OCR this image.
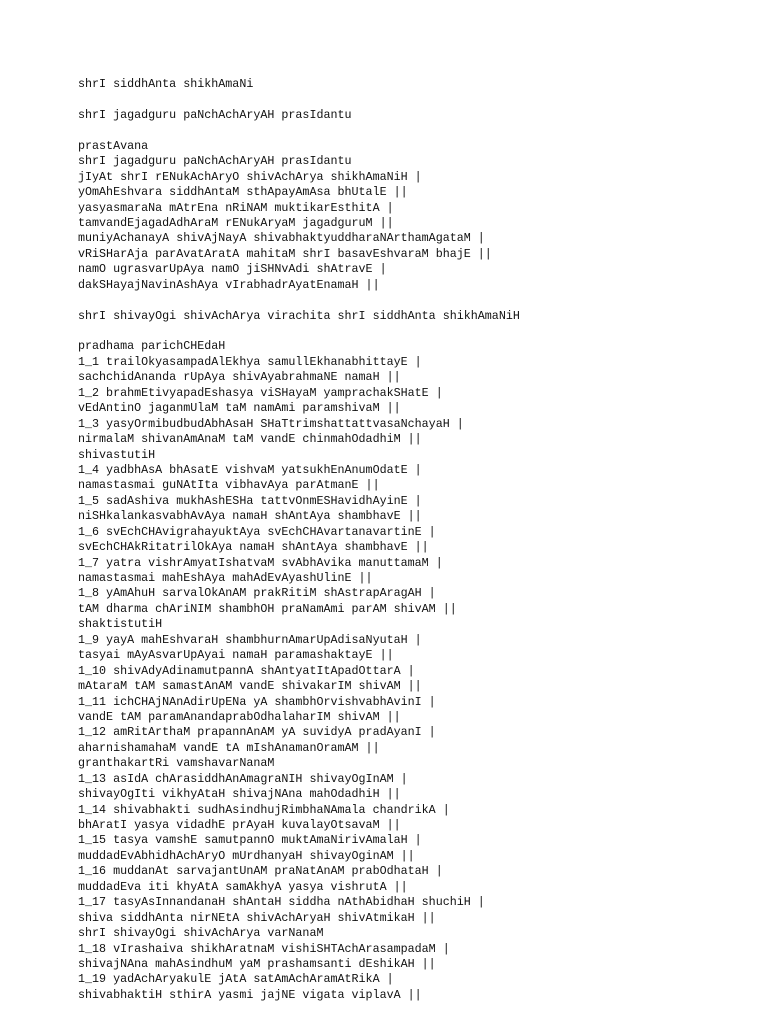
shrI siddhAnta shikhAmaNi
shrI jagadguru paNchAchAryAH prasIdantu
prastAvana
shrI jagadguru paNchAchAryAH prasIdantu
jIyAt shrI rENukAchAryO shivAchArya shikhAmaNiH |
yOmAhEshvara siddhAntaM sthApayAmAsa bhUtalE ||
yasyasmaraNa mAtrEna nRiNAM muktikarEsthitA |
tamvandEjagadAdhAraM rENukAryaM jagadguruM ||
muniyAchanayA shivAjNayA shivabhaktyuddharaNArthamAgataM |
vRiSHarAja parAvatAratA mahitaM shrI basavEshvaraM bhajE ||
namO ugrasvarUpAya namO jiSHNvAdi shAtravE |
dakSHayajNavinAshAya vIrabhadrAyatEnamaH ||
shrI shivayOgi shivAchArya virachita shrI siddhAnta shikhAmaNiH
pradhama parichCHEdaH
1_1 trailOkyasampadAlEkhya samullEkhanabhittayE |
sachchidAnanda rUpAya shivAyabrahmaNE namaH ||
1_2 brahmEtivyapadEshasya viSHayaM yamprachakSHatE |
vEdAntinO jaganmUlaM taM namAmi paramshivaM ||
1_3 yasyOrmibudbudAbhAsaH SHaTtrimshattattvasaNchayaH |
nirmalaM shivanAmAnaM taM vandE chinmahOdadhiM ||
shivastutiH
1_4 yadbhAsA bhAsatE vishvaM yatsukhEnAnumOdatE |
namastasmai guNAtIta vibhavAya parAtmanE ||
1_5 sadAshiva mukhAshESHa tattvOnmESHavidhAyinE |
niSHkalankasvabhAvAya namaH shAntAya shambhavE ||
1_6 svEchCHAvigrahayuktAya svEchCHAvartanavartinE |
svEchCHAkRitatrilOkAya namaH shAntAya shambhavE ||
1_7 yatra vishrAmyatIshatvaM svAbhAvika manuttamaM |
namastasmai mahEshAya mahAdEvAyashUlinE ||
1_8 yAmAhuH sarvalOkAnAM prakRitiM shAstrapAragAH |
tAM dharma chAriNIM shambhOH praNamAmi parAM shivAM ||
shaktistutiH
1_9 yayA mahEshvaraH shambhurnAmarUpAdisaNyutaH |
tasyai mAyAsvarUpAyai namaH paramashaktayE ||
1_10 shivAdyAdinamutpannA shAntyatItApadOttarA |
mAtaraM tAM samastAnAM vandE shivakarIM shivAM ||
1_11 ichCHAjNAnAdirUpENa yA shambhOrvishvabhAvinI |
vandE tAM paramAnandaprabOdhalaharIM shivAM ||
1_12 amRitArthaM prapannAnAM yA suvidyA pradAyanI |
aharnishamahaM vandE tA mIshAnamanOramAM ||
granthakartRi vamshavarNanaM
1_13 asIdA chArasiddhAnAmagraNIH shivayOgInAM |
shivayOgIti vikhyAtaH shivajNAna mahOdadhiH ||
1_14 shivabhakti sudhAsindhujRimbhaNAmala chandrikA |
bhAratI yasya vidadhE prAyaH kuvalayOtsavaM ||
1_15 tasya vamshE samutpannO muktAmaNirivAmalaH |
muddadEvAbhidhAchAryO mUrdhanyaH shivayOginAM ||
1_16 muddanAt sarvajantUnAM praNatAnAM prabOdhataH |
muddadEva iti khyAtA samAkhyA yasya vishrutA ||
1_17 tasyAsInnandanaH shAntaH siddha nAthAbidhaH shuchiH |
shiva siddhAnta nirNEtA shivAchAryaH shivAtmikaH ||
shrI shivayOgi shivAchArya varNanaM
1_18 vIrashaiva shikhAratnaM vishiSHTAchArasampadaM |
shivajNAna mahAsindhuM yaM prashamsanti dEshikAH ||
1_19 yadAchAryakulE jAtA satAmAchAramAtRikA |
shivabhaktiH sthirA yasmi jajNE vigata viplavA ||
